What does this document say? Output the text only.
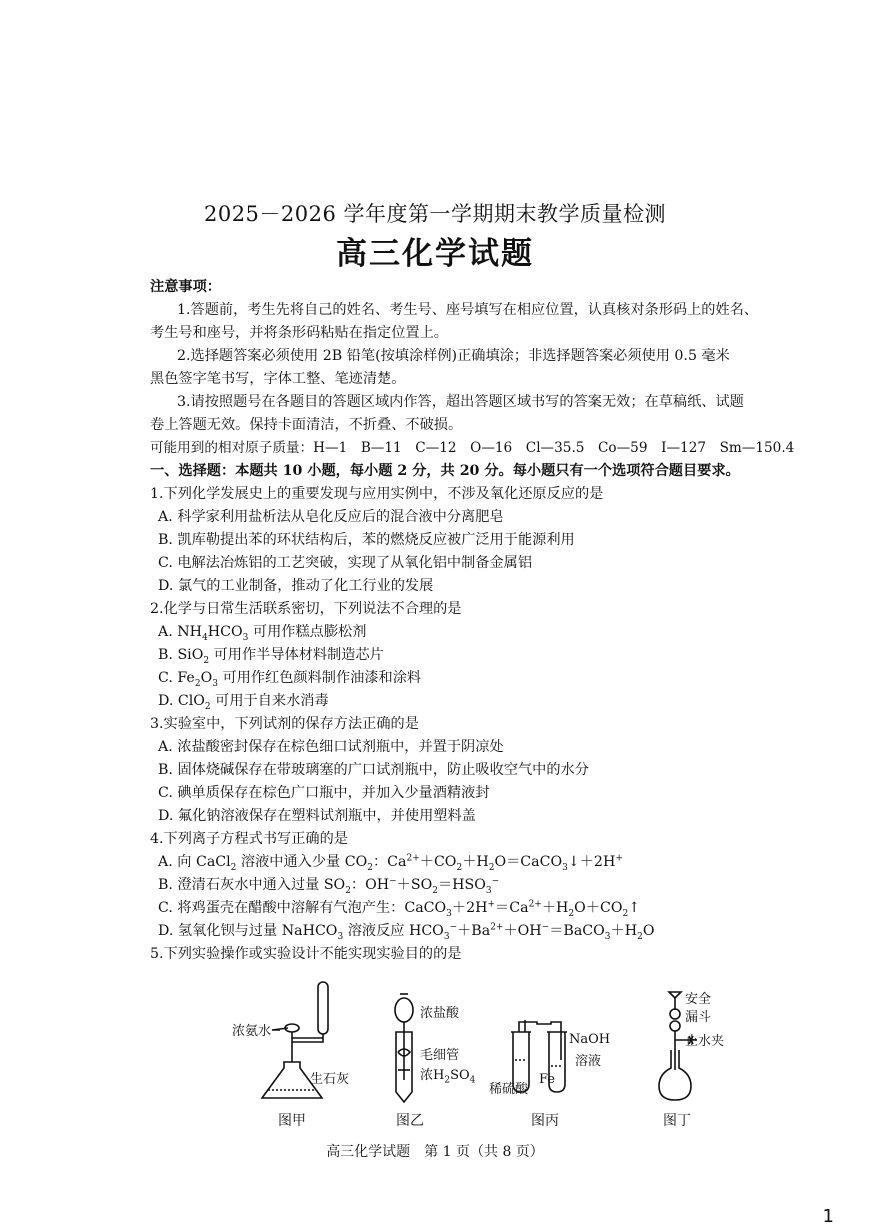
2025－2026 学年度第一学期期末教学质量检测
高三化学试题
注意事项：
1.答题前，考生先将自己的姓名、考生号、座号填写在相应位置，认真核对条形码上的姓名、
考生号和座号，并将条形码粘贴在指定位置上。
2.选择题答案必须使用 2B 铅笔(按填涂样例)正确填涂；非选择题答案必须使用 0.5 毫米
黑色签字笔书写，字体工整、笔迹清楚。
3.请按照题号在各题目的答题区域内作答，超出答题区域书写的答案无效；在草稿纸、试题
卷上答题无效。保持卡面清洁，不折叠、不破损。
可能用到的相对原子质量：H—1　B—11　C—12　O—16　Cl—35.5　Co—59　I—127　Sm—150.4
一、选择题：本题共 10 小题，每小题 2 分，共 20 分。每小题只有一个选项符合题目要求。
1.下列化学发展史上的重要发现与应用实例中，不涉及氧化还原反应的是
A. 科学家利用盐析法从皂化反应后的混合液中分离肥皂
B. 凯库勒提出苯的环状结构后，苯的燃烧反应被广泛用于能源利用
C. 电解法冶炼铝的工艺突破，实现了从氧化铝中制备金属铝
D. 氯气的工业制备，推动了化工行业的发展
2.化学与日常生活联系密切，下列说法不合理的是
A. $NH_4HCO_3$ 可用作糕点膨松剂
B. SiO$_2$ 可用作半导体材料制造芯片
C. $Fe_2O_3$ 可用作红色颜料制作油漆和涂料
D. ClO$_2$ 可用于自来水消毒
3.实验室中，下列试剂的保存方法正确的是
A. 浓盐酸密封保存在棕色细口试剂瓶中，并置于阴凉处
B. 固体烧碱保存在带玻璃塞的广口试剂瓶中，防止吸收空气中的水分
C. 碘单质保存在棕色广口瓶中，并加入少量酒精液封
D. 氟化钠溶液保存在塑料试剂瓶中，并使用塑料盖
4.下列离子方程式书写正确的是
A. 向 CaCl$_2$ 溶液中通入少量 $CO_2$：$Ca^{2+}+CO_2+H_2O=CaCO_3↓+2H^+$
B. 澄清石灰水中通入过量 $SO_2$：$OH^-+SO_2=HSO_3^-$
C. 将鸡蛋壳在醋酸中溶解有气泡产生：$CaCO_3+2H^+=Ca^{2+}+H_2O+CO_2↑$
D. 氢氧化钡与过量 NaHCO$_3$ 溶液反应 $HCO_3^-+Ba^{2+}+OH^-=BaCO_3+H_2O$
5.下列实验操作或实验设计不能实现实验目的的是
浓氨水
生石灰
图甲
浓盐酸
毛细管
浓$H_2SO_4$
图乙
NaOH
溶液
Fe
稀硫酸
图丙
安全
漏斗
止水夹
图丁
高三化学试题　第 1 页（共 8 页）
1
